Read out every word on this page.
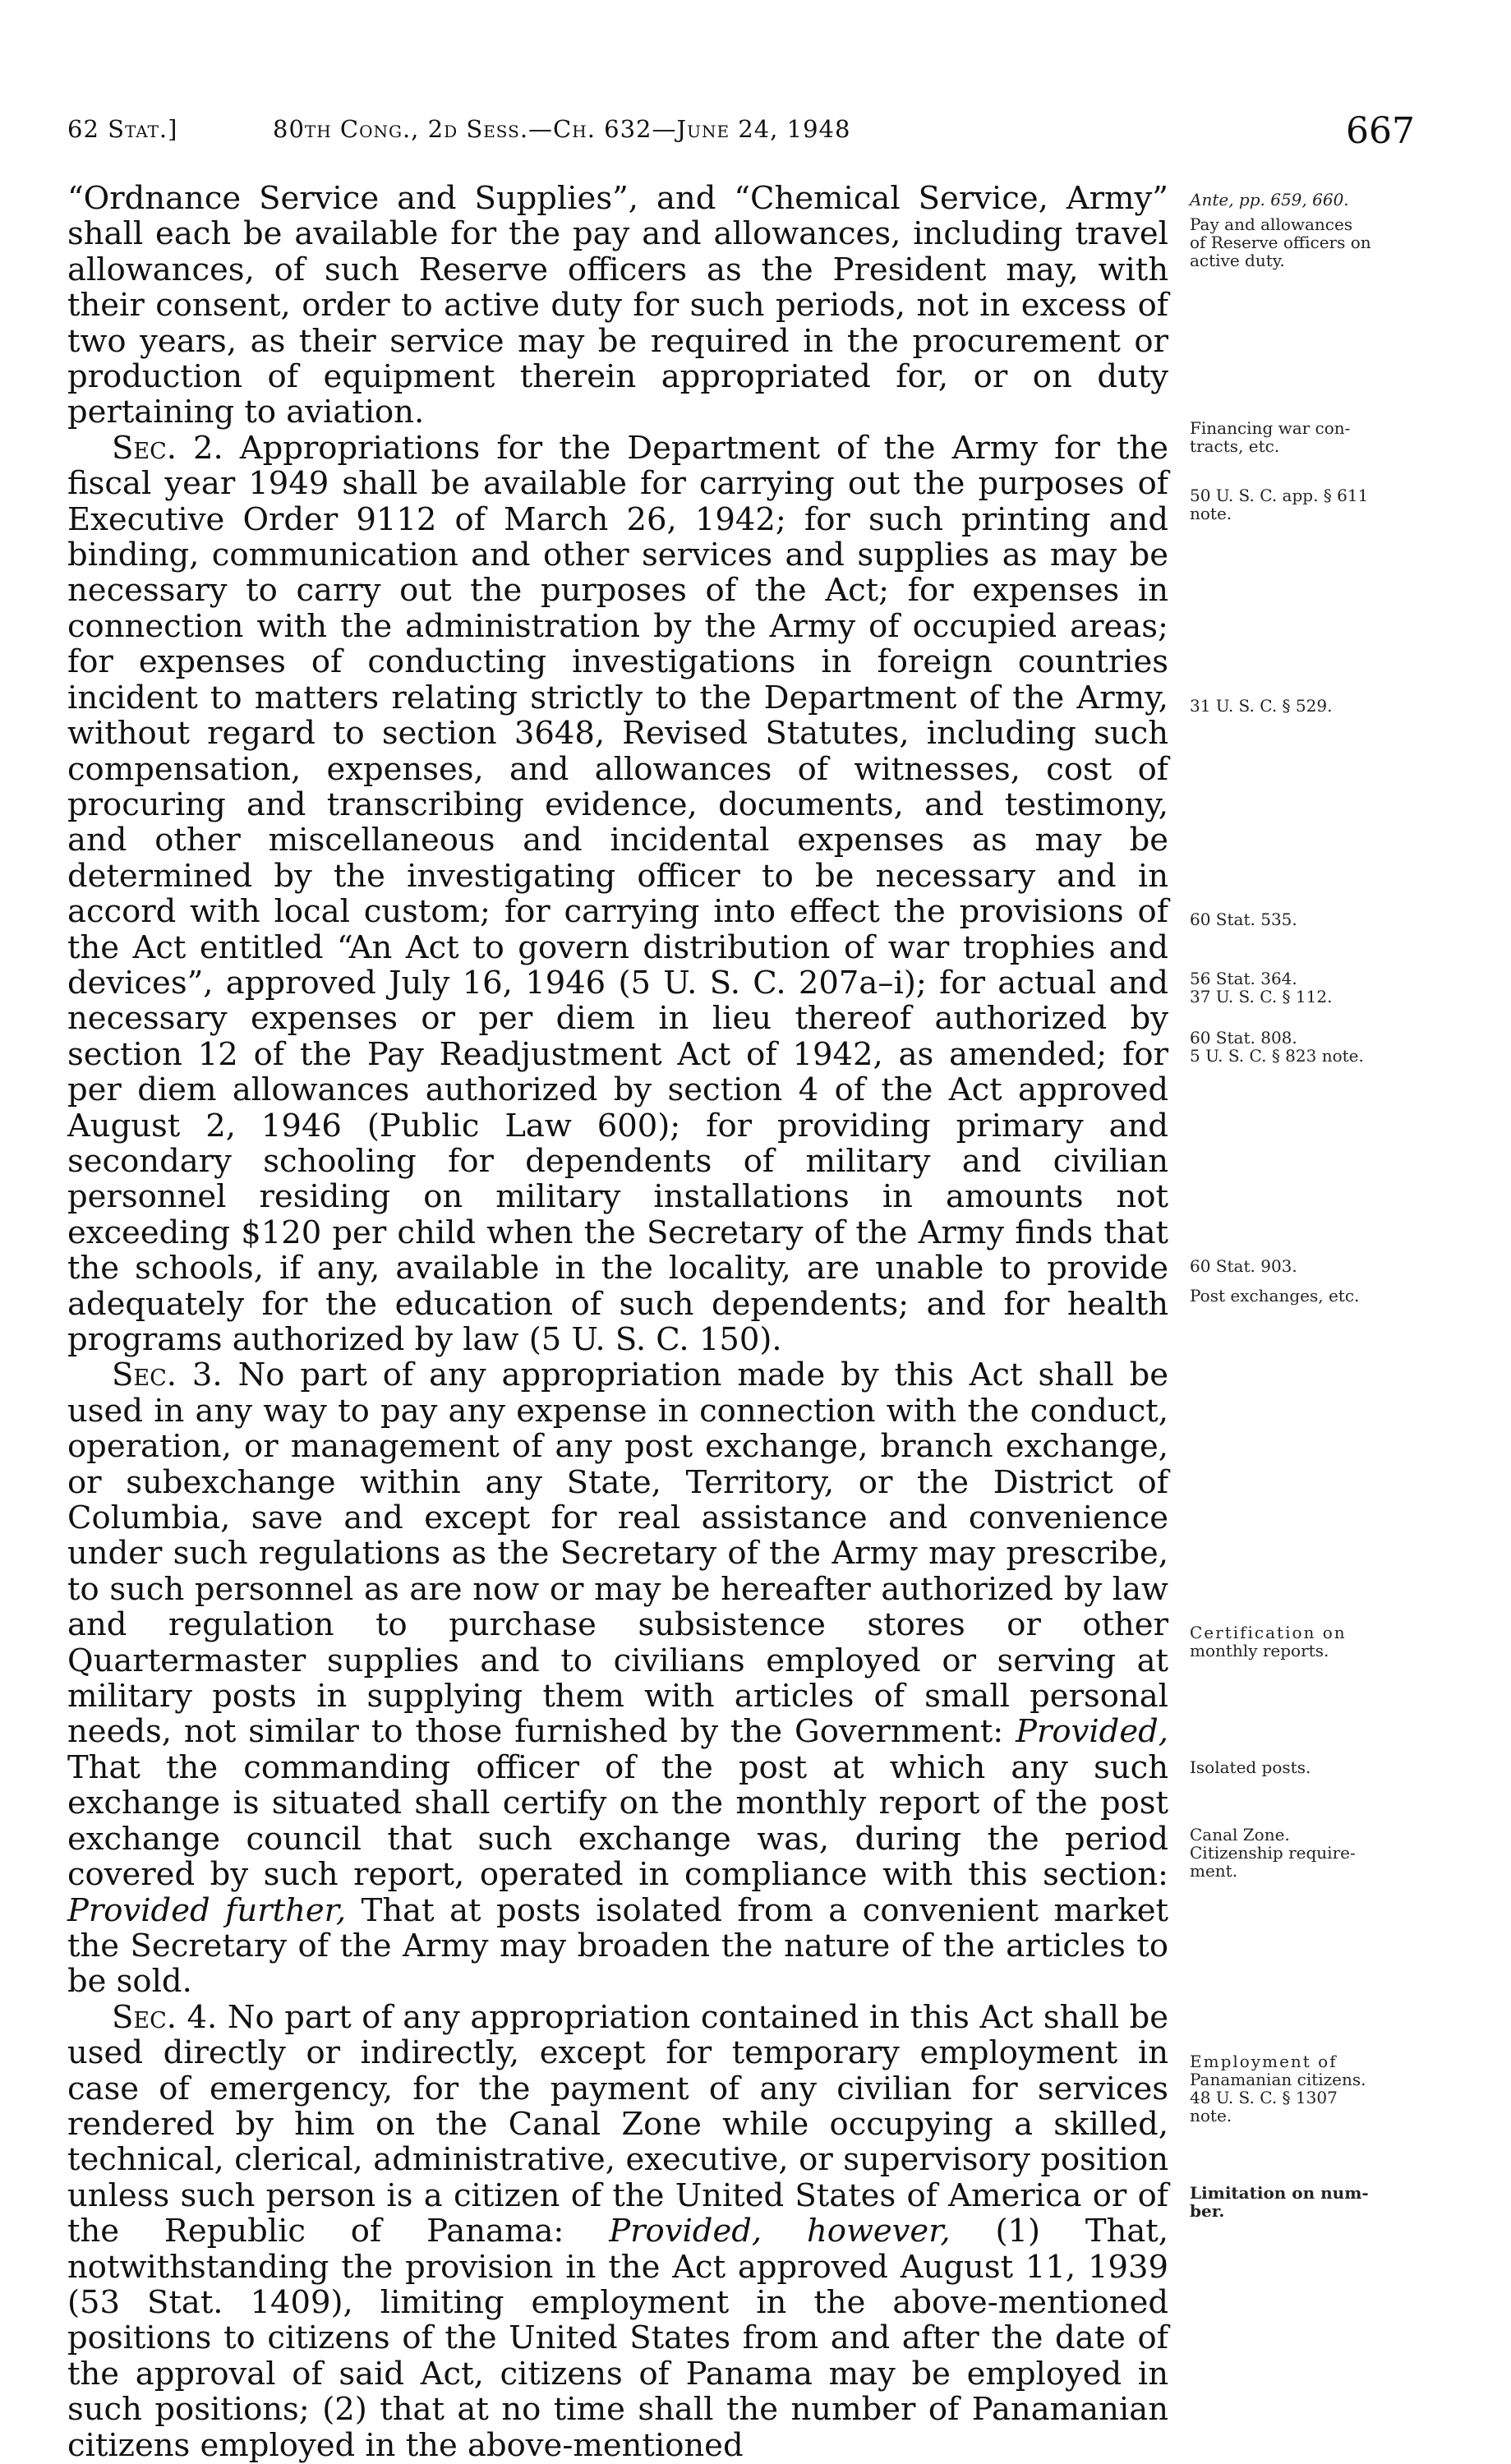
62 Stat.]	80th Cong., 2d Sess.—Ch. 632—June 24, 1948	667

“Ordnance Service and Supplies”, and “Chemical Service, Army” shall each be available for the pay and allowances, including travel allowances, of such Reserve officers as the President may, with their consent, order to active duty for such periods, not in excess of two years, as their service may be required in the procurement or production of equipment therein appropriated for, or on duty pertaining to aviation.

Sec. 2. Appropriations for the Department of the Army for the fiscal year 1949 shall be available for carrying out the purposes of Executive Order 9112 of March 26, 1942; for such printing and binding, communication and other services and supplies as may be necessary to carry out the purposes of the Act; for expenses in connection with the administration by the Army of occupied areas; for expenses of conducting investigations in foreign countries incident to matters relating strictly to the Department of the Army, without regard to section 3648, Revised Statutes, including such compensation, expenses, and allowances of witnesses, cost of procuring and transcribing evidence, documents, and testimony, and other miscellaneous and incidental expenses as may be determined by the investigating officer to be necessary and in accord with local custom; for carrying into effect the provisions of the Act entitled “An Act to govern distribution of war trophies and devices”, approved July 16, 1946 (5 U. S. C. 207a–i); for actual and necessary expenses or per diem in lieu thereof authorized by section 12 of the Pay Readjustment Act of 1942, as amended; for per diem allowances authorized by section 4 of the Act approved August 2, 1946 (Public Law 600); for providing primary and secondary schooling for dependents of military and civilian personnel residing on military installations in amounts not exceeding $120 per child when the Secretary of the Army finds that the schools, if any, available in the locality, are unable to provide adequately for the education of such dependents; and for health programs authorized by law (5 U. S. C. 150).

Sec. 3. No part of any appropriation made by this Act shall be used in any way to pay any expense in connection with the conduct, operation, or management of any post exchange, branch exchange, or subexchange within any State, Territory, or the District of Columbia, save and except for real assistance and convenience under such regulations as the Secretary of the Army may prescribe, to such personnel as are now or may be hereafter authorized by law and regulation to purchase subsistence stores or other Quartermaster supplies and to civilians employed or serving at military posts in supplying them with articles of small personal needs, not similar to those furnished by the Government: Provided, That the commanding officer of the post at which any such exchange is situated shall certify on the monthly report of the post exchange council that such exchange was, during the period covered by such report, operated in compliance with this section: Provided further, That at posts isolated from a convenient market the Secretary of the Army may broaden the nature of the articles to be sold.

Sec. 4. No part of any appropriation contained in this Act shall be used directly or indirectly, except for temporary employment in case of emergency, for the payment of any civilian for services rendered by him on the Canal Zone while occupying a skilled, technical, clerical, administrative, executive, or supervisory position unless such person is a citizen of the United States of America or of the Republic of Panama: Provided, however, (1) That, notwithstanding the provision in the Act approved August 11, 1939 (53 Stat. 1409), limiting employment in the above-mentioned positions to citizens of the United States from and after the date of the approval of said Act, citizens of Panama may be employed in such positions; (2) that at no time shall the number of Panamanian citizens employed in the above-mentioned

Ante, pp. 659, 660.
Pay and allowances
of Reserve officers on
active duty.
Financing war con-
tracts, etc.
50 U. S. C. app. § 611
note.
31 U. S. C. § 529.
60 Stat. 535.
56 Stat. 364.
37 U. S. C. § 112.
60 Stat. 808.
5 U. S. C. § 823 note.
60 Stat. 903.
Post exchanges, etc.
Certification on
monthly reports.
Isolated posts.
Canal Zone.
Citizenship require-
ment.
Employment of
Panamanian citizens.
48 U. S. C. § 1307
note.
Limitation on num-
ber.
